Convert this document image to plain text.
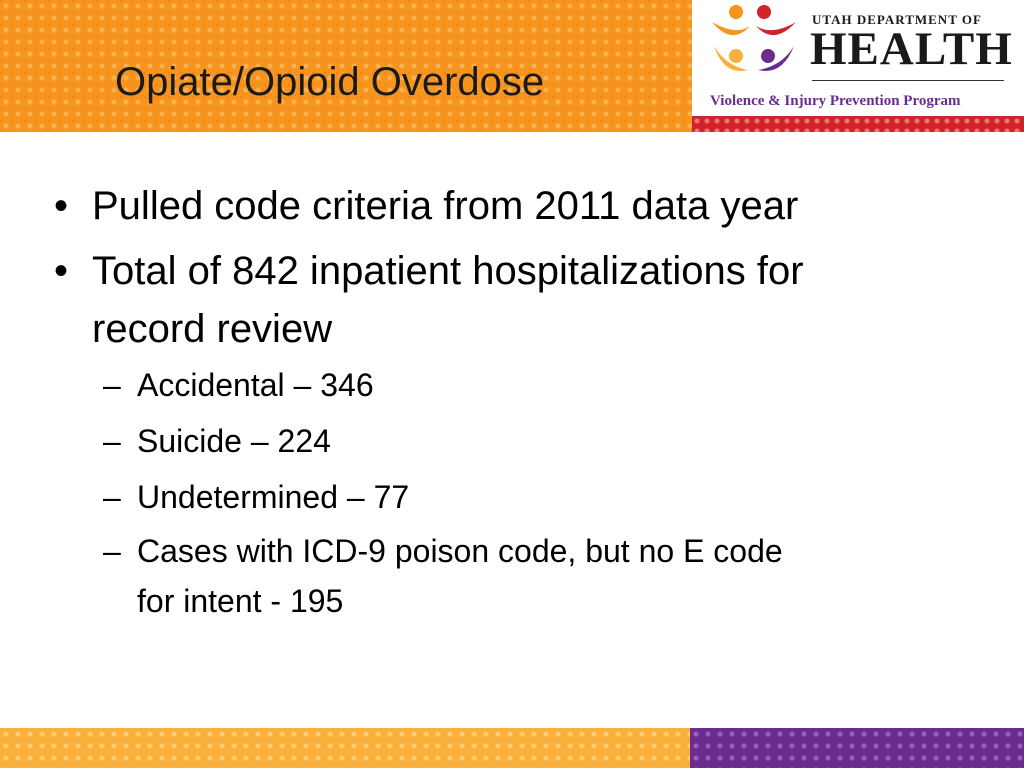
Opiate/Opioid Overdose
UTAH DEPARTMENT OF
HEALTH
Violence & Injury Prevention Program
• Pulled code criteria from 2011 data year
• Total of 842 inpatient hospitalizations for
record review
– Accidental – 346
– Suicide – 224
– Undetermined – 77
– Cases with ICD-9 poison code, but no E code
for intent - 195
